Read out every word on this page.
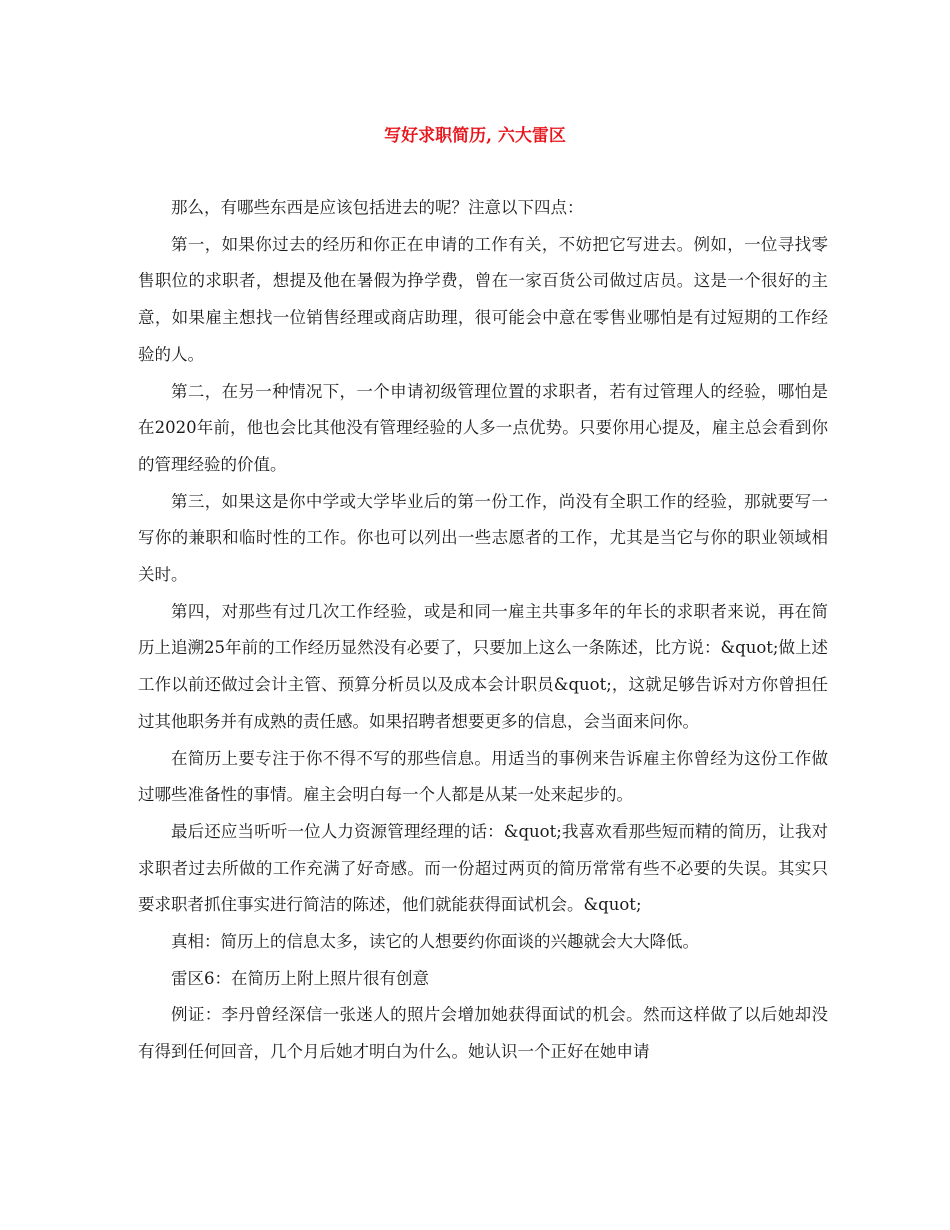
写好求职简历, 六大雷区

那么，有哪些东西是应该包括进去的呢？注意以下四点：

第一，如果你过去的经历和你正在申请的工作有关，不妨把它写进去。例如，一位寻找零售职位的求职者，想提及他在暑假为挣学费，曾在一家百货公司做过店员。这是一个很好的主意，如果雇主想找一位销售经理或商店助理，很可能会中意在零售业哪怕是有过短期的工作经验的人。

第二，在另一种情况下，一个申请初级管理位置的求职者，若有过管理人的经验，哪怕是在2020年前，他也会比其他没有管理经验的人多一点优势。只要你用心提及，雇主总会看到你的管理经验的价值。

第三，如果这是你中学或大学毕业后的第一份工作，尚没有全职工作的经验，那就要写一写你的兼职和临时性的工作。你也可以列出一些志愿者的工作，尤其是当它与你的职业领域相关时。

第四，对那些有过几次工作经验，或是和同一雇主共事多年的年长的求职者来说，再在简历上追溯25年前的工作经历显然没有必要了，只要加上这么一条陈述，比方说：&quot;做上述工作以前还做过会计主管、预算分析员以及成本会计职员&quot;，这就足够告诉对方你曾担任过其他职务并有成熟的责任感。如果招聘者想要更多的信息，会当面来问你。

在简历上要专注于你不得不写的那些信息。用适当的事例来告诉雇主你曾经为这份工作做过哪些准备性的事情。雇主会明白每一个人都是从某一处来起步的。

最后还应当听听一位人力资源管理经理的话：&quot;我喜欢看那些短而精的简历，让我对求职者过去所做的工作充满了好奇感。而一份超过两页的简历常常有些不必要的失误。其实只要求职者抓住事实进行简洁的陈述，他们就能获得面试机会。&quot;

真相：简历上的信息太多，读它的人想要约你面谈的兴趣就会大大降低。

雷区6：在简历上附上照片很有创意

例证：李丹曾经深信一张迷人的照片会增加她获得面试的机会。然而这样做了以后她却没有得到任何回音，几个月后她才明白为什么。她认识一个正好在她申请
